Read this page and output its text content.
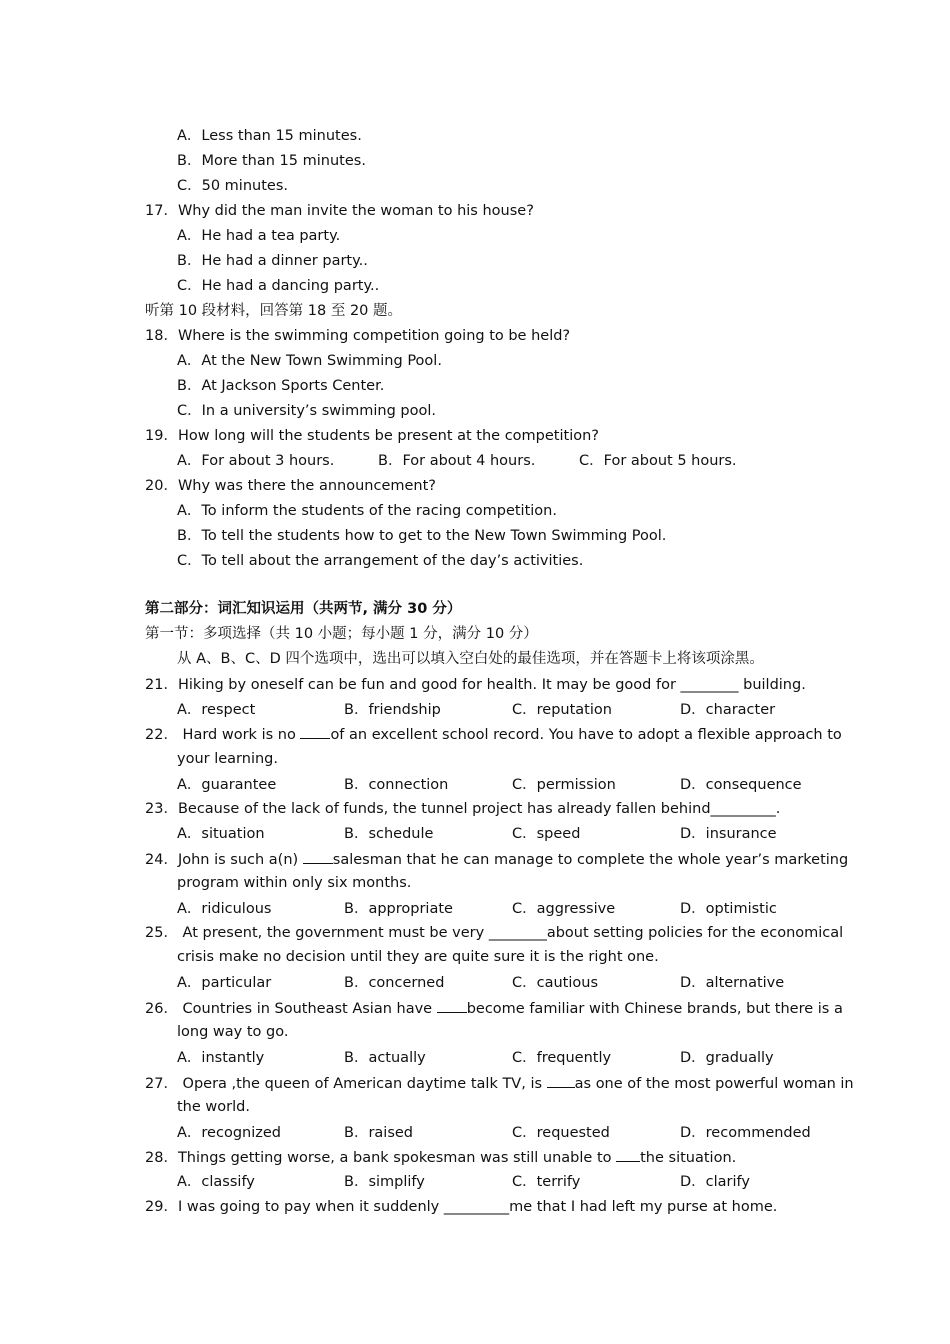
A．Less than 15 minutes.
B．More than 15 minutes.
C．50 minutes.
17．Why did the man invite the woman to his house?
A．He had a tea party.
B．He had a dinner party..
C．He had a dancing party..
听第 10 段材料，回答第 18 至 20 题。
18．Where is the swimming competition going to be held?
A．At the New Town Swimming Pool.
B．At Jackson Sports Center.
C．In a university’s swimming pool.
19．How long will the students be present at the competition?
A．For about 3 hours.	B．For about 4 hours.	C．For about 5 hours.
20．Why was there the announcement?
A．To inform the students of the racing competition.
B．To tell the students how to get to the New Town Swimming Pool.
C．To tell about the arrangement of the day’s activities.
第二部分：词汇知识运用（共两节, 满分 30 分）
第一节：多项选择（共 10 小题；每小题 1 分，满分 10 分）
从 A、B、C、D 四个选项中，选出可以填入空白处的最佳选项，并在答题卡上将该项涂黑。
21．Hiking by oneself can be fun and good for health. It may be good for ________ building.
A．respect	B．friendship	C．reputation	D．character
22． Hard work is no of an excellent school record. You have to adopt a flexible approach to
your learning.
A．guarantee	B．connection	C．permission	D．consequence
23．Because of the lack of funds, the tunnel project has already fallen behind_________.
A．situation	B．schedule	C．speed	D．insurance
24．John is such a(n) salesman that he can manage to complete the whole year’s marketing
program within only six months.
A．ridiculous	B．appropriate	C．aggressive	D．optimistic
25． At present, the government must be very ________about setting policies for the economical
crisis make no decision until they are quite sure it is the right one.
A．particular	B．concerned	C．cautious	D．alternative
26． Countries in Southeast Asian have become familiar with Chinese brands, but there is a
long way to go.
A．instantly	B．actually	C．frequently	D．gradually
27． Opera ,the queen of American daytime talk TV, is as one of the most powerful woman in
the world.
A．recognized	B．raised	C．requested	D．recommended
28．Things getting worse, a bank spokesman was still unable to the situation.
A．classify	B．simplify	C．terrify	D．clarify
29．I was going to pay when it suddenly _________me that I had left my purse at home.
